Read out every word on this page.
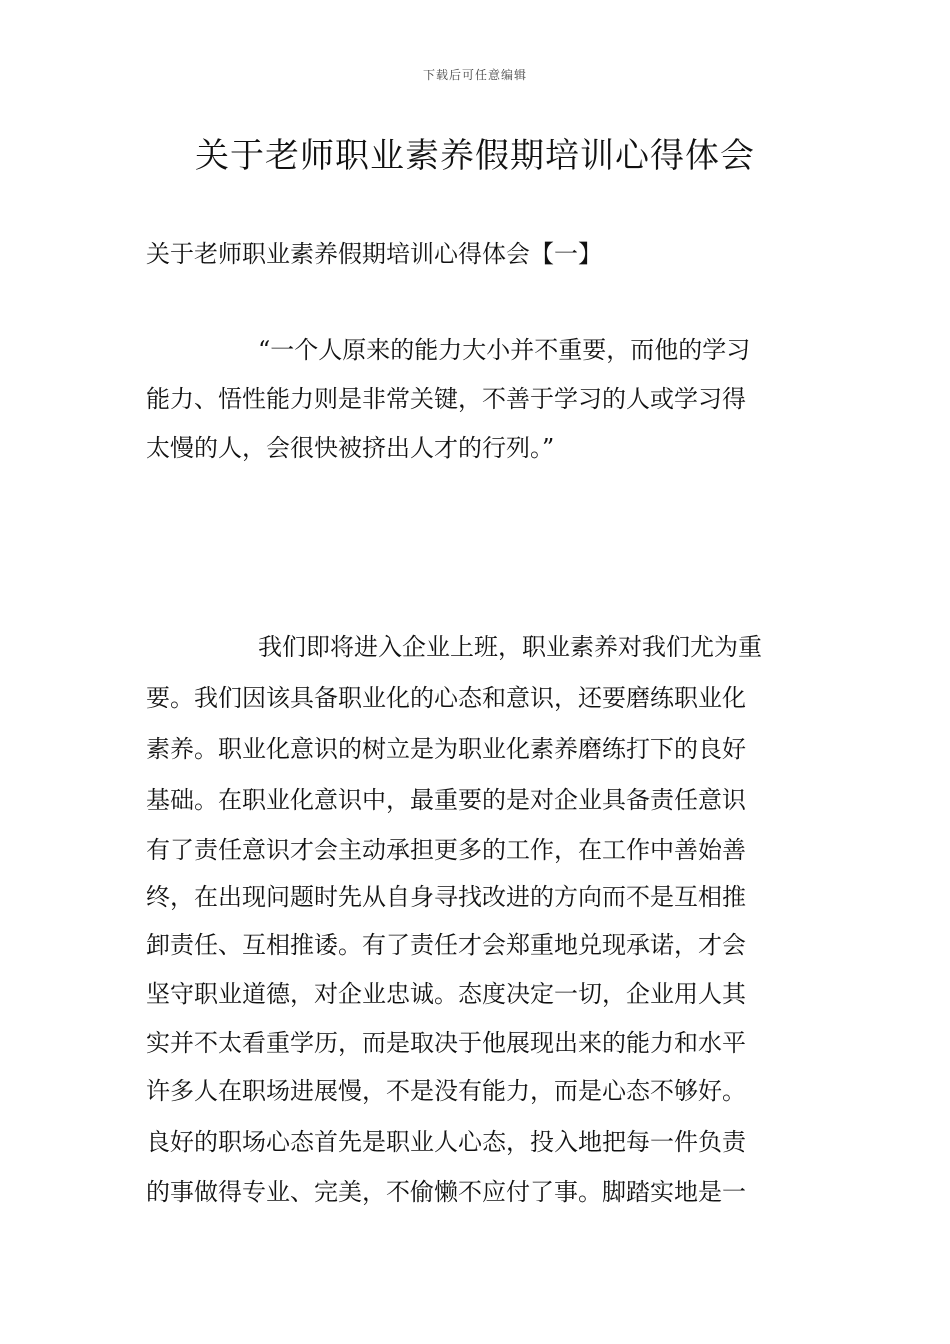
下载后可任意编辑
关于老师职业素养假期培训心得体会
关于老师职业素养假期培训心得体会【一】
“一个人原来的能力大小并不重要，而他的学习
能力、悟性能力则是非常关键，不善于学习的人或学习得
太慢的人，会很快被挤出人才的行列。”
我们即将进入企业上班，职业素养对我们尤为重
要。我们因该具备职业化的心态和意识，还要磨练职业化
素养。职业化意识的树立是为职业化素养磨练打下的良好
基础。在职业化意识中，最重要的是对企业具备责任意识
有了责任意识才会主动承担更多的工作，在工作中善始善
终，在出现问题时先从自身寻找改进的方向而不是互相推
卸责任、互相推诿。有了责任才会郑重地兑现承诺，才会
坚守职业道德，对企业忠诚。态度决定一切，企业用人其
实并不太看重学历，而是取决于他展现出来的能力和水平
许多人在职场进展慢，不是没有能力，而是心态不够好。
良好的职场心态首先是职业人心态，投入地把每一件负责
的事做得专业、完美，不偷懒不应付了事。脚踏实地是一
